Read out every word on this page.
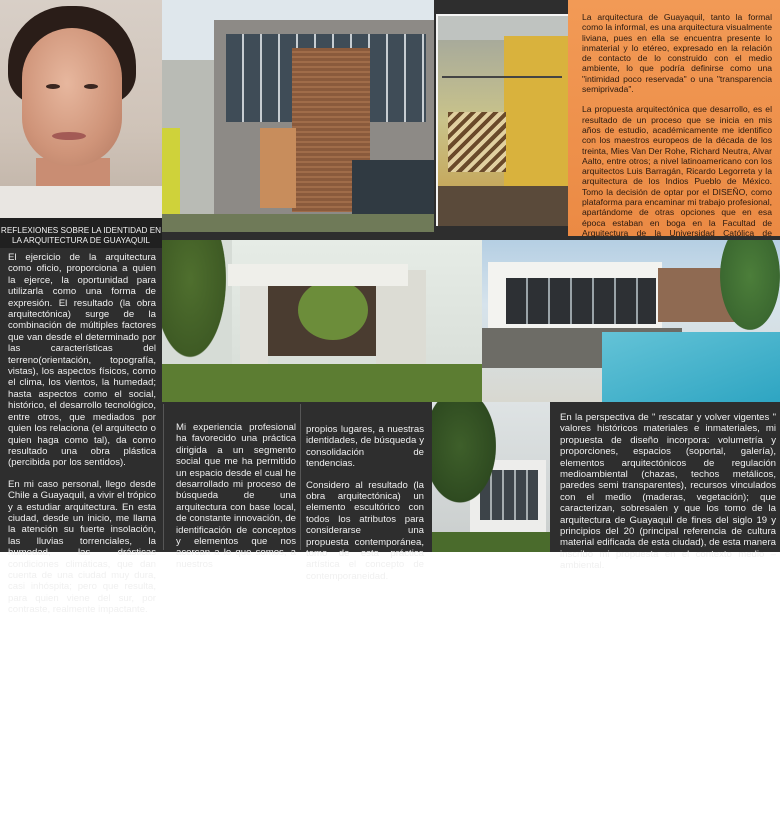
La arquitectura de Guayaquil, tanto la formal como la informal, es una arquitectura visualmente liviana, pues en ella se encuentra presente lo inmaterial y lo etéreo, expresado en la relación de contacto de lo construido con el medio ambiente, lo que podría definirse como una "intimidad poco reservada" o una "transparencia semiprivada".

La propuesta arquitectónica que desarrollo, es el resultado de un proceso que se inicia en mis años de estudio, académicamente me identifico con los maestros europeos de la década de los treinta, Mies Van Der Rohe, Richard Neutra, Alvar Aalto, entre otros; a nivel latinoamericano con los arquitectos Luis Barragán, Ricardo Legorreta y la arquitectura de los Indios Pueblo de México. Tomo la decisión de optar por el DISEÑO, como plataforma para encaminar mi trabajo profesional, apartándome de otras opciones que en esa época estaban en boga en la Facultad de Arquitectura de la Universidad Católica de

REFLEXIONES SOBRE LA IDENTIDAD EN
LA ARQUITECTURA DE GUAYAQUIL

El ejercicio de la arquitectura como oficio, proporciona a quien la ejerce, la oportunidad para utilizarla como una forma de expresión. El resultado (la obra arquitectónica) surge de la combinación de múltiples factores que van desde el determinado por las características del terreno(orientación, topografía, vistas), los aspectos físicos, como el clima, los vientos, la humedad; hasta aspectos como el social, histórico, el desarrollo tecnológico, entre otros, que mediados por quien los relaciona (el arquitecto o quien haga como tal), da como resultado una obra plástica (percibida por los sentidos).

En mi caso personal, llego desde Chile a Guayaquil, a vivir el trópico y a estudiar arquitectura. En esta ciudad, desde un inicio, me llama la atención su fuerte insolación, las lluvias torrenciales, la humedad, las drásticas condiciones climáticas, que dan cuenta de una ciudad muy dura, casi inhóspita; pero que resulta, para quien viene del sur, por contraste, realmente impactante.

Mi experiencia profesional ha favorecido una práctica dirigida a un segmento social que me ha permitido un espacio desde el cual he desarrollado mi proceso de búsqueda de una arquitectura con base local, de constante innovación, de identificación de conceptos y elementos que nos acercan a lo que somos, a nuestros

propios lugares, a nuestras identidades, de búsqueda y consolidación de tendencias.

Considero al resultado (la obra arquitectónica) un elemento escultórico con todos los atributos para considerarse una propuesta contemporánea, tomo de esta práctica artística el concepto de contemporaneidad.

En la perspectiva de " rescatar y volver vigentes " valores históricos materiales e inmateriales, mi propuesta de diseño incorpora: volumetría y proporciones, espacios (soportal, galería), elementos arquitectónicos de regulación medioambiental (chazas, techos metálicos, paredes semi transparentes), recursos vinculados con el medio (maderas, vegetación); que caracterizan, sobresalen y que los tomo de la arquitectura de Guayaquil de fines del siglo 19 y principios del 20 (principal referencia de cultura material edificada de esta ciudad), de esta manera inscribo mi propuesta en el contexto medio – ambiental.
